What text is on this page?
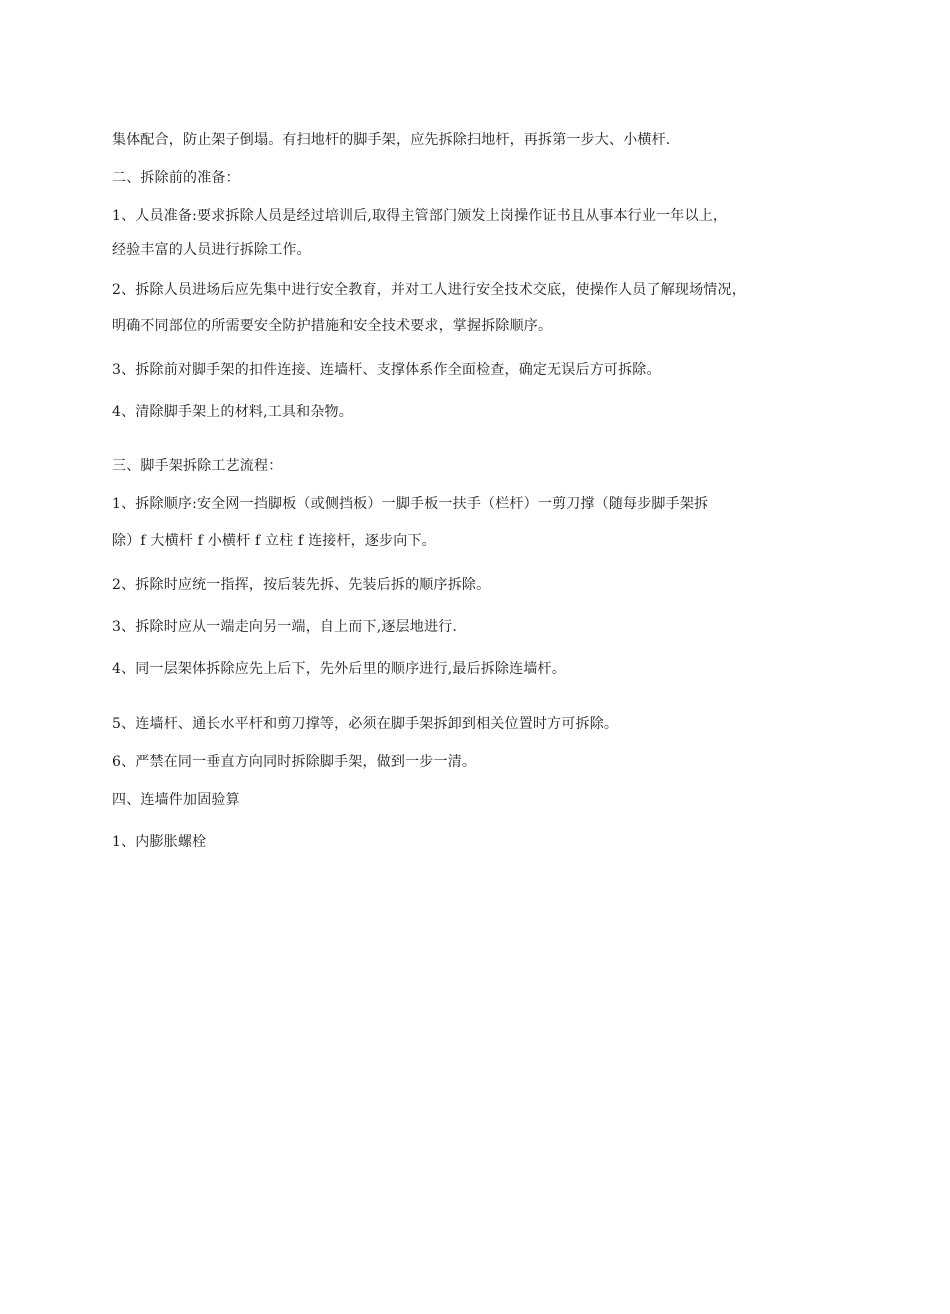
集体配合，防止架子倒塌。有扫地杆的脚手架，应先拆除扫地杆，再拆第一步大、小横杆.
二、拆除前的准备：
1、人员准备:要求拆除人员是经过培训后,取得主管部门颁发上岗操作证书且从事本行业一年以上，
经验丰富的人员进行拆除工作。
2、拆除人员进场后应先集中进行安全教育，并对工人进行安全技术交底，使操作人员了解现场情况，
明确不同部位的所需要安全防护措施和安全技术要求，掌握拆除顺序。
3、拆除前对脚手架的扣件连接、连墙杆、支撑体系作全面检查，确定无误后方可拆除。
4、清除脚手架上的材料,工具和杂物。
三、脚手架拆除工艺流程：
1、拆除顺序:安全网一挡脚板（或侧挡板）一脚手板一扶手（栏杆）一剪刀撑（随每步脚手架拆
除）f 大横杆 f 小横杆 f 立柱 f 连接杆，逐步向下。
2、拆除时应统一指挥，按后装先拆、先装后拆的顺序拆除。
3、拆除时应从一端走向另一端，自上而下,逐层地进行.
4、同一层架体拆除应先上后下，先外后里的顺序进行,最后拆除连墙杆。
5、连墙杆、通长水平杆和剪刀撑等，必须在脚手架拆卸到相关位置时方可拆除。
6、严禁在同一垂直方向同时拆除脚手架，做到一步一清。
四、连墙件加固验算
1、内膨胀螺栓
